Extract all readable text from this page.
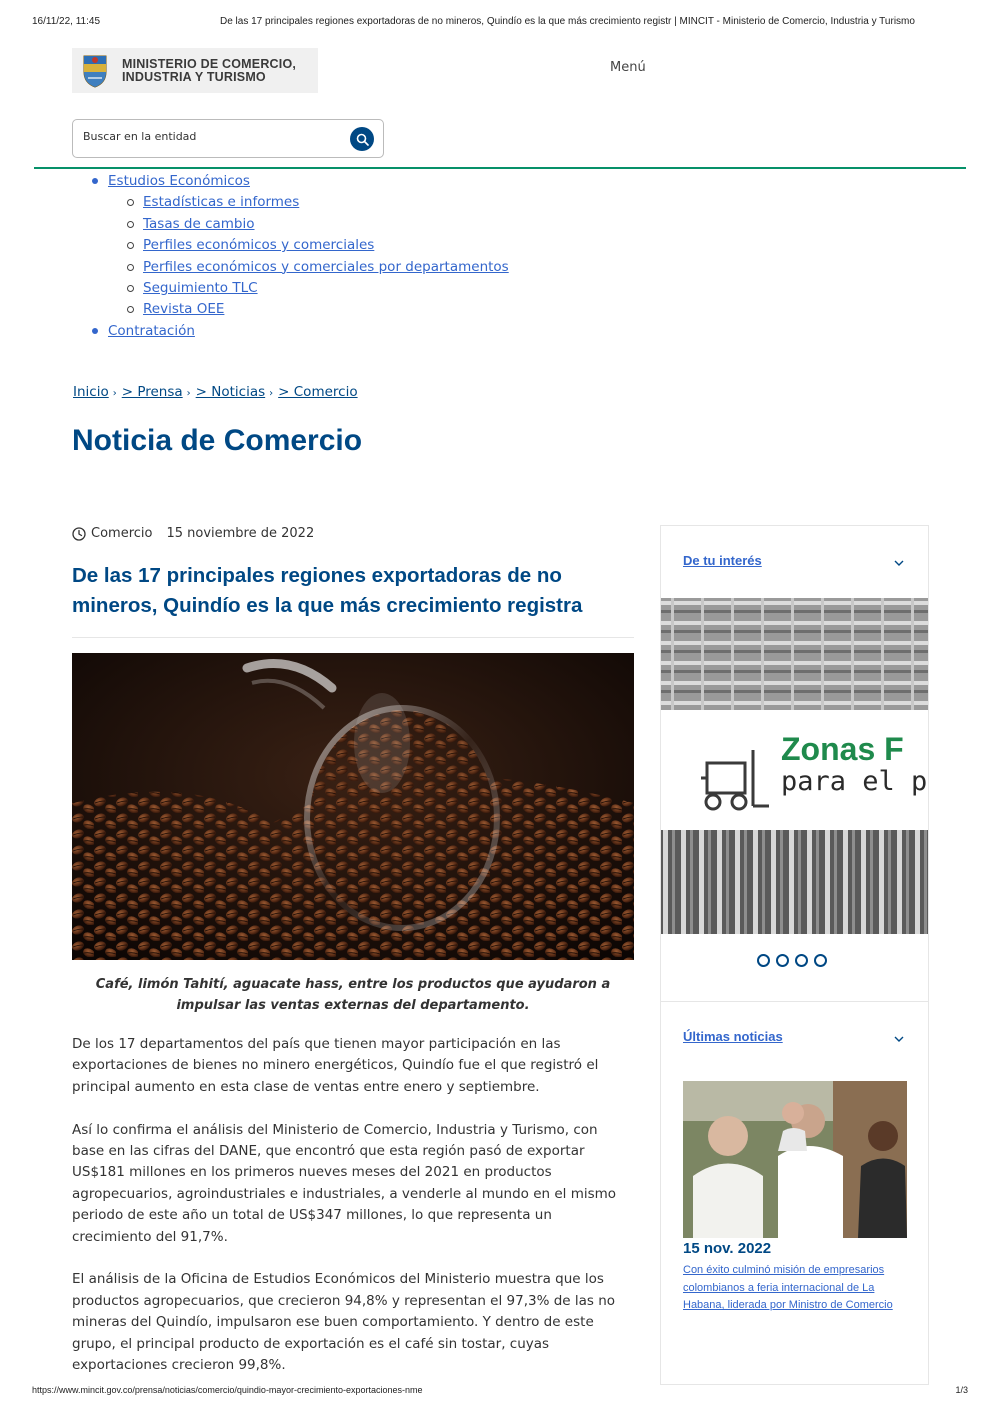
16/11/22, 11:45	De las 17 principales regiones exportadoras de no mineros, Quindío es la que más crecimiento registr | MINCIT - Ministerio de Comercio, Industria y Turismo
MINISTERIO DE COMERCIO,
INDUSTRIA Y TURISMO
Menú
Buscar en la entidad
Estudios Económicos
Estadísticas e informes
Tasas de cambio
Perfiles económicos y comerciales
Perfiles económicos y comerciales por departamentos
Seguimiento TLC
Revista OEE
Contratación
Inicio › > Prensa › > Noticias › > Comercio
Noticia de Comercio
Comercio 15 noviembre de 2022
De las 17 principales regiones exportadoras de no mineros, Quindío es la que más crecimiento registra

Café, limón Tahití, aguacate hass, entre los productos que ayudaron a impulsar las ventas externas del departamento.

De los 17 departamentos del país que tienen mayor participación en las exportaciones de bienes no minero energéticos, Quindío fue el que registró el principal aumento en esta clase de ventas entre enero y septiembre.

Así lo confirma el análisis del Ministerio de Comercio, Industria y Turismo, con base en las cifras del DANE, que encontró que esta región pasó de exportar US$181 millones en los primeros nueves meses del 2021 en productos agropecuarios, agroindustriales e industriales, a venderle al mundo en el mismo periodo de este año un total de US$347 millones, lo que representa un crecimiento del 91,7%.

El análisis de la Oficina de Estudios Económicos del Ministerio muestra que los productos agropecuarios, que crecieron 94,8% y representan el 97,3% de las no mineras del Quindío, impulsaron ese buen comportamiento. Y dentro de este grupo, el principal producto de exportación es el café sin tostar, cuyas exportaciones crecieron 99,8%.

De tu interés
Zonas F
para el p
Últimas noticias
15 nov. 2022
Con éxito culminó misión de empresarios colombianos a feria internacional de La Habana, liderada por Ministro de Comercio
https://www.mincit.gov.co/prensa/noticias/comercio/quindio-mayor-crecimiento-exportaciones-nme	1/3
